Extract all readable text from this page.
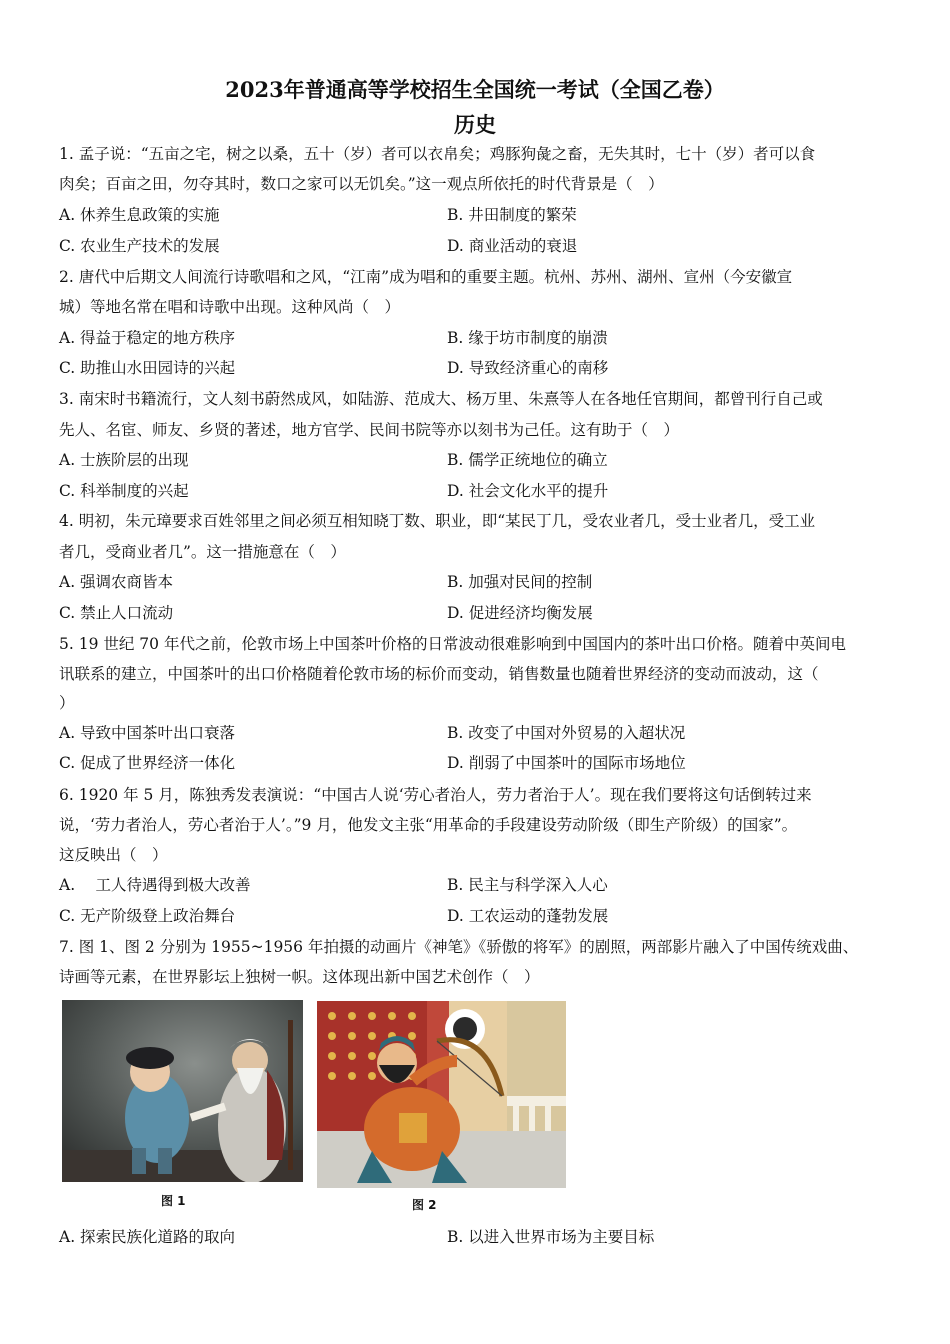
2023年普通高等学校招生全国统一考试（全国乙卷）
历史
1. 孟子说：“五亩之宅，树之以桑，五十（岁）者可以衣帛矣；鸡豚狗彘之畜，无失其时，七十（岁）者可以食
肉矣；百亩之田，勿夺其时，数口之家可以无饥矣。”这一观点所依托的时代背景是（　）
A. 休养生息政策的实施	B. 井田制度的繁荣
C. 农业生产技术的发展	D. 商业活动的衰退
2. 唐代中后期文人间流行诗歌唱和之风，“江南”成为唱和的重要主题。杭州、苏州、湖州、宣州（今安徽宣
城）等地名常在唱和诗歌中出现。这种风尚（　）
A. 得益于稳定的地方秩序	B. 缘于坊市制度的崩溃
C. 助推山水田园诗的兴起	D. 导致经济重心的南移
3. 南宋时书籍流行，文人刻书蔚然成风，如陆游、范成大、杨万里、朱熹等人在各地任官期间，都曾刊行自己或
先人、名宦、师友、乡贤的著述，地方官学、民间书院等亦以刻书为己任。这有助于（　）
A. 士族阶层的出现	B. 儒学正统地位的确立
C. 科举制度的兴起	D. 社会文化水平的提升
4. 明初，朱元璋要求百姓邻里之间必须互相知晓丁数、职业，即“某民丁几，受农业者几，受士业者几，受工业
者几，受商业者几”。这一措施意在（　）
A. 强调农商皆本	B. 加强对民间的控制
C. 禁止人口流动	D. 促进经济均衡发展
5. 19 世纪 70 年代之前，伦敦市场上中国茶叶价格的日常波动很难影响到中国国内的茶叶出口价格。随着中英间电
讯联系的建立，中国茶叶的出口价格随着伦敦市场的标价而变动，销售数量也随着世界经济的变动而波动，这（
）
A. 导致中国茶叶出口衰落	B. 改变了中国对外贸易的入超状况
C. 促成了世界经济一体化	D. 削弱了中国茶叶的国际市场地位
6. 1920 年 5 月，陈独秀发表演说：“中国古人说‘劳心者治人，劳力者治于人’。现在我们要将这句话倒转过来
说，‘劳力者治人，劳心者治于人’。”9 月，他发文主张“用革命的手段建设劳动阶级（即生产阶级）的国家”。
这反映出（　）
A.　 工人待遇得到极大改善	B. 民主与科学深入人心
C. 无产阶级登上政治舞台	D. 工农运动的蓬勃发展
7. 图 1、图 2 分别为 1955~1956 年拍摄的动画片《神笔》《骄傲的将军》的剧照，两部影片融入了中国传统戏曲、
诗画等元素，在世界影坛上独树一帜。这体现出新中国艺术创作（　）
图 1	图 2
A. 探索民族化道路的取向	B. 以进入世界市场为主要目标
